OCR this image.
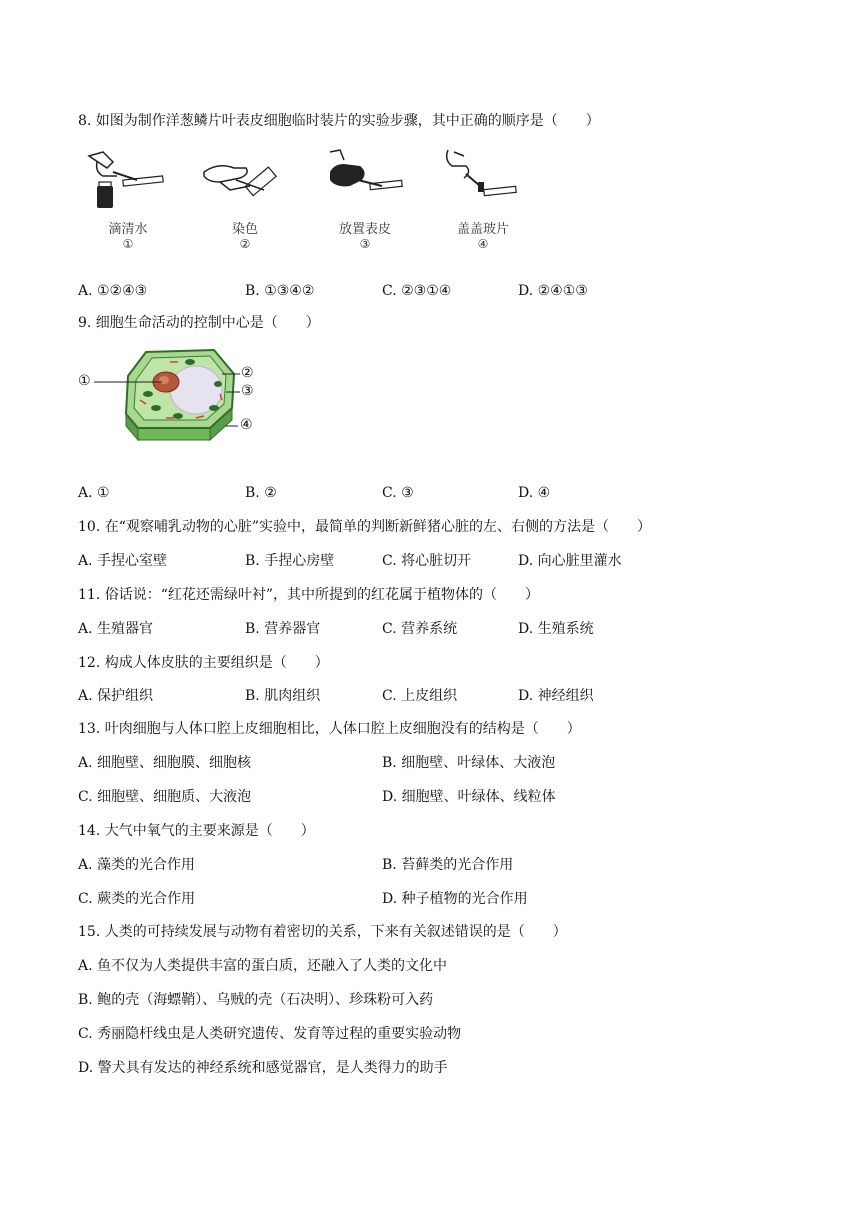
8. 如图为制作洋葱鳞片叶表皮细胞临时装片的实验步骤，其中正确的顺序是（　　）
滴清水
①
染色
②
放置表皮
③
盖盖玻片
④
A. ①②④③	B. ①③④②	C. ②③①④	D. ②④①③
9. 细胞生命活动的控制中心是（　　）
①	②
③
④
A. ①	B. ②	C. ③	D. ④
10. 在“观察哺乳动物的心脏”实验中，最简单的判断新鲜猪心脏的左、右侧的方法是（　　）
A. 手捏心室壁	B. 手捏心房壁	C. 将心脏切开	D. 向心脏里灌水
11. 俗话说：“红花还需绿叶衬”，其中所提到的红花属于植物体的（　　）
A. 生殖器官	B. 营养器官	C. 营养系统	D. 生殖系统
12. 构成人体皮肤的主要组织是（　　）
A. 保护组织	B. 肌肉组织	C. 上皮组织	D. 神经组织
13. 叶肉细胞与人体口腔上皮细胞相比，人体口腔上皮细胞没有的结构是（　　）
A. 细胞壁、细胞膜、细胞核	B. 细胞壁、叶绿体、大液泡
C. 细胞壁、细胞质、大液泡	D. 细胞壁、叶绿体、线粒体
14. 大气中氧气的主要来源是（　　）
A. 藻类的光合作用	B. 苔藓类的光合作用
C. 蕨类的光合作用	D. 种子植物的光合作用
15. 人类的可持续发展与动物有着密切的关系，下来有关叙述错误的是（　　）
A. 鱼不仅为人类提供丰富的蛋白质，还融入了人类的文化中
B. 鲍的壳（海螵鞘）、乌贼的壳（石决明）、珍珠粉可入药
C. 秀丽隐杆线虫是人类研究遗传、发育等过程的重要实验动物
D. 警犬具有发达的神经系统和感觉器官，是人类得力的助手
